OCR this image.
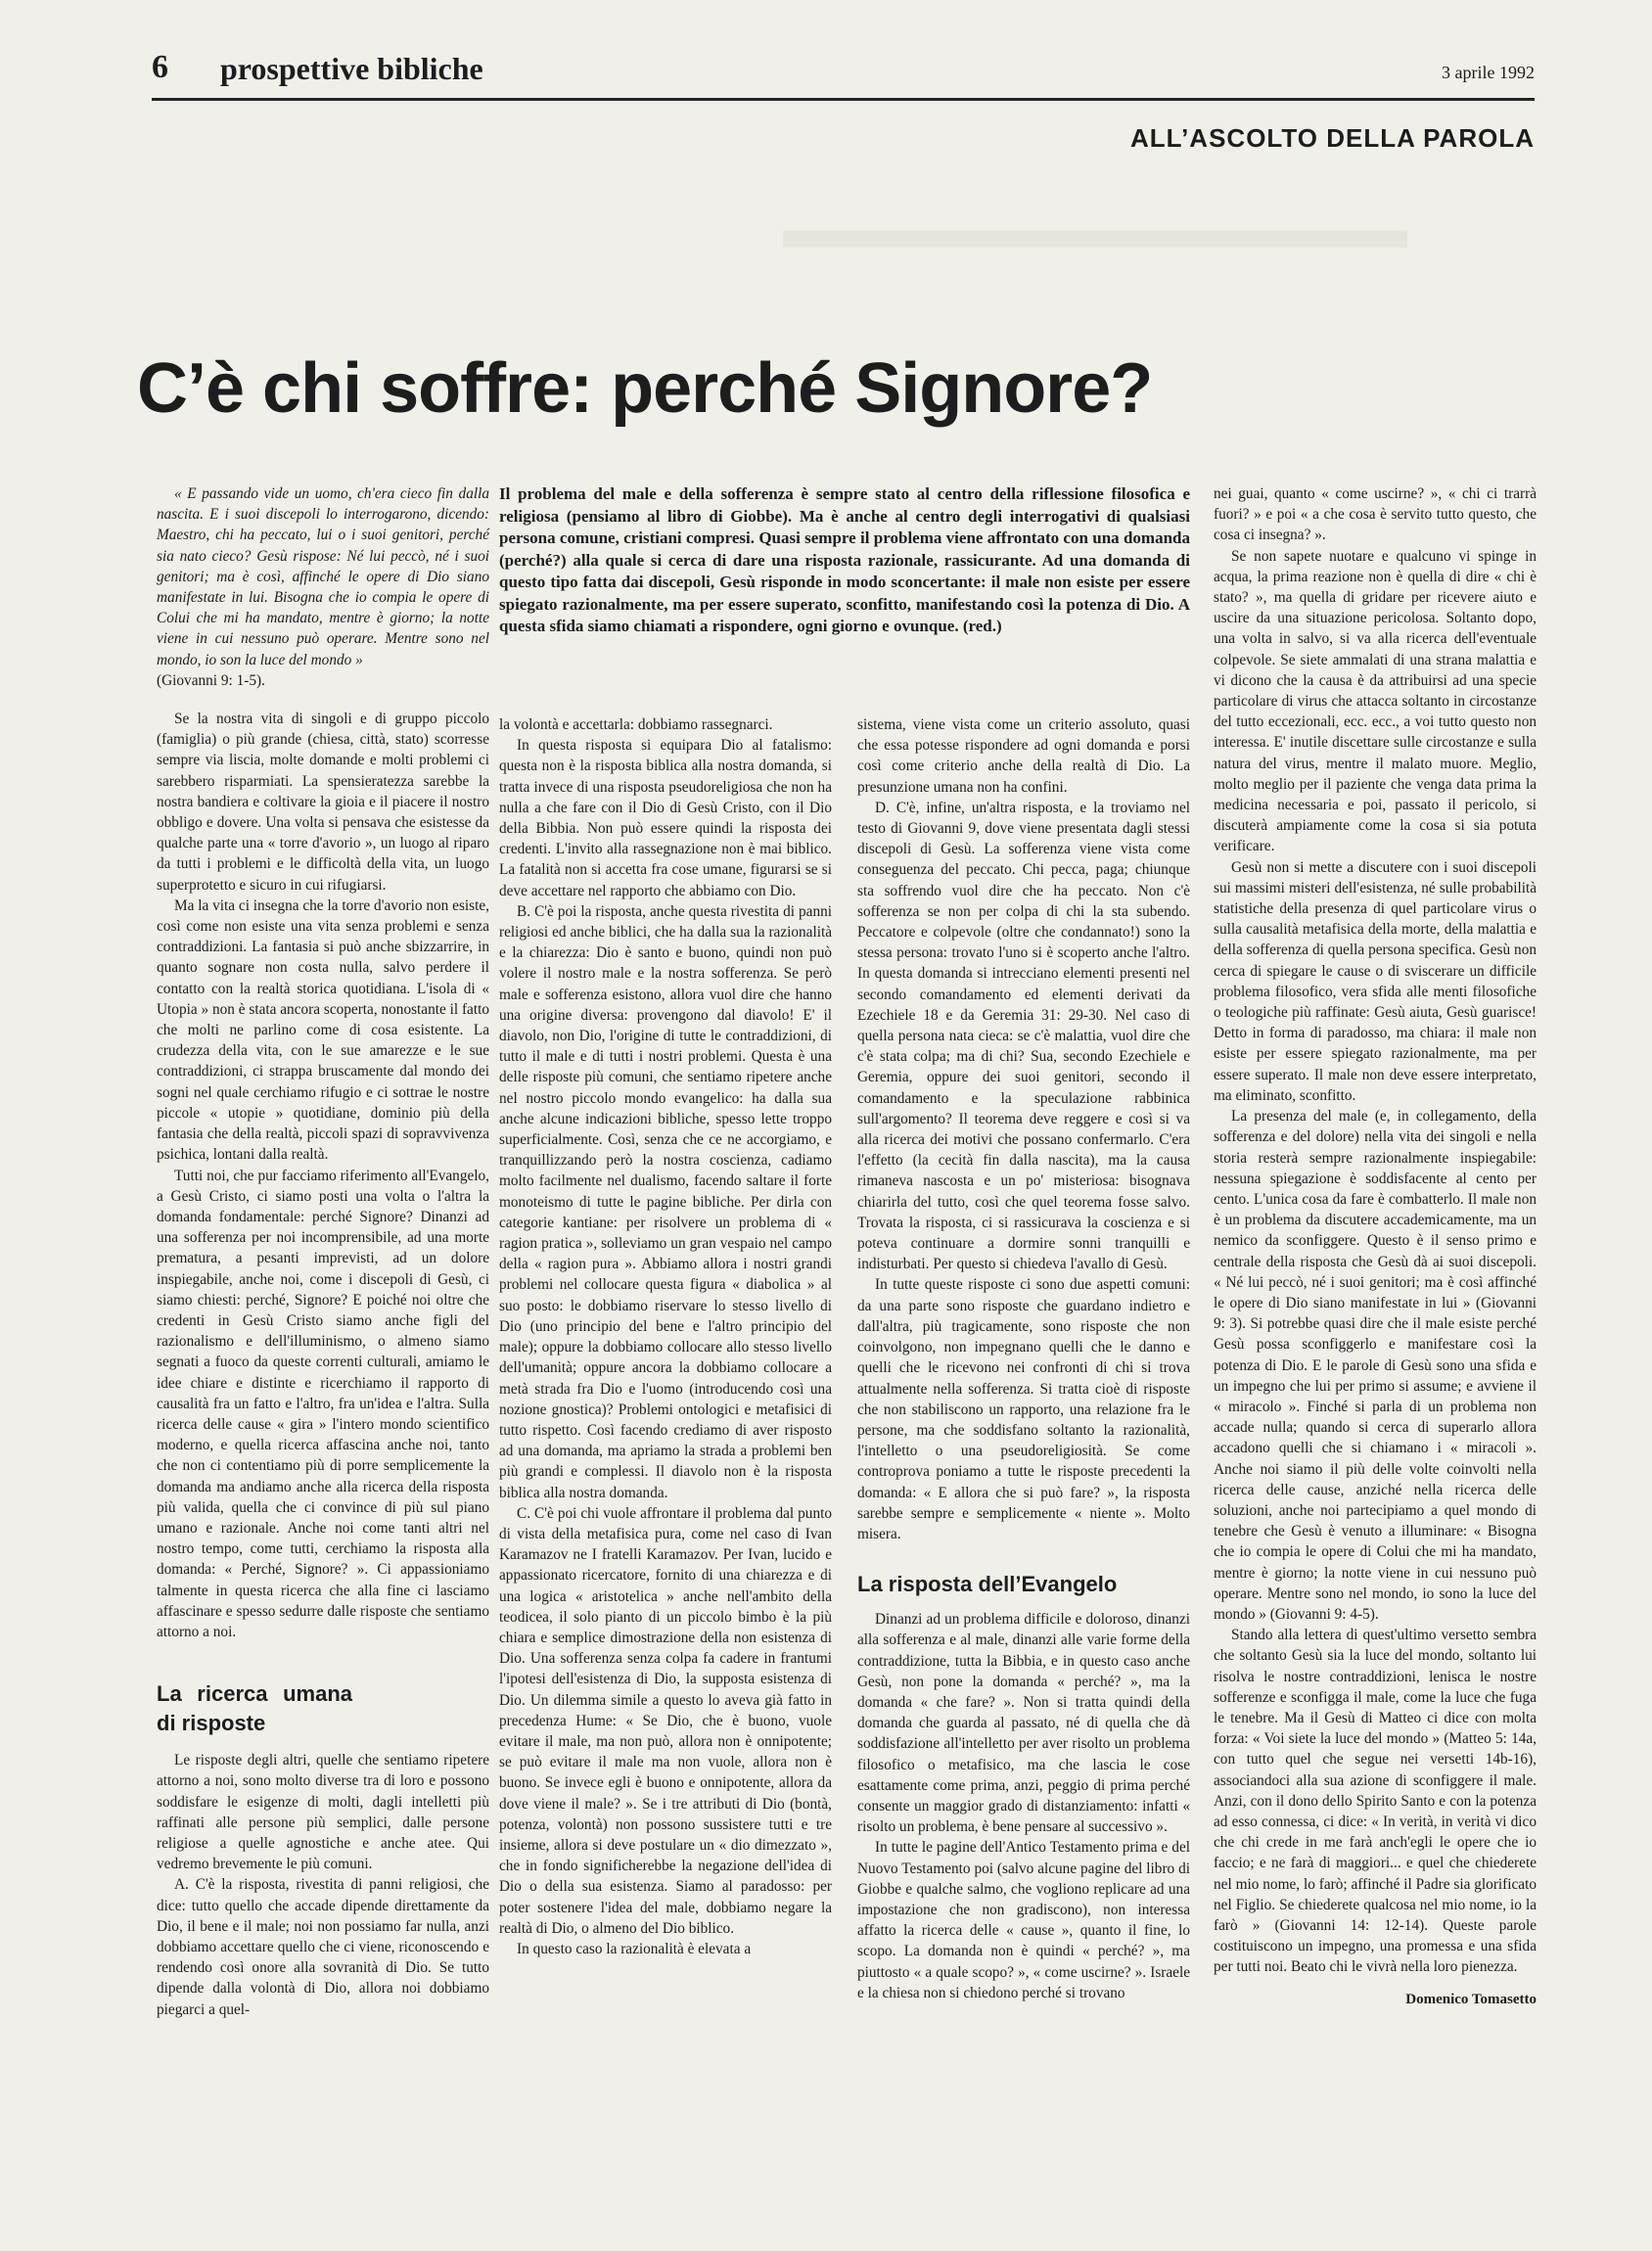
6 prospettive bibliche	3 aprile 1992
ALL’ASCOLTO DELLA PAROLA
▬▬▬▬▬▬▬▬▬▬▬
C’è chi soffre: perché Signore?

« E passando vide un uomo, ch'era cieco fin dalla nascita. E i suoi discepoli lo interrogarono, dicendo: Maestro, chi ha peccato, lui o i suoi genitori, perché sia nato cieco? Gesù rispose: Né lui peccò, né i suoi genitori; ma è così, affinché le opere di Dio siano manifestate in lui. Bisogna che io compia le opere di Colui che mi ha mandato, mentre è giorno; la notte viene in cui nessuno può operare. Mentre sono nel mondo, io son la luce del mondo »

(Giovanni 9: 1-5).

Se la nostra vita di singoli e di gruppo piccolo (famiglia) o più grande (chiesa, città, stato) scorresse sempre via liscia, molte domande e molti problemi ci sarebbero risparmiati. La spensieratezza sarebbe la nostra bandiera e coltivare la gioia e il piacere il nostro obbligo e dovere. Una volta si pensava che esistesse da qualche parte una « torre d'avorio », un luogo al riparo da tutti i problemi e le difficoltà della vita, un luogo superprotetto e sicuro in cui rifugiarsi.

Ma la vita ci insegna che la torre d'avorio non esiste, così come non esiste una vita senza problemi e senza contraddizioni. La fantasia si può anche sbizzarrire, in quanto sognare non costa nulla, salvo perdere il contatto con la realtà storica quotidiana. L'isola di « Utopia » non è stata ancora scoperta, nonostante il fatto che molti ne parlino come di cosa esistente. La crudezza della vita, con le sue amarezze e le sue contraddizioni, ci strappa bruscamente dal mondo dei sogni nel quale cerchiamo rifugio e ci sottrae le nostre piccole « utopie » quotidiane, dominio più della fantasia che della realtà, piccoli spazi di sopravvivenza psichica, lontani dalla realtà.

Tutti noi, che pur facciamo riferimento all'Evangelo, a Gesù Cristo, ci siamo posti una volta o l'altra la domanda fondamentale: perché Signore? Dinanzi ad una sofferenza per noi incomprensibile, ad una morte prematura, a pesanti imprevisti, ad un dolore inspiegabile, anche noi, come i discepoli di Gesù, ci siamo chiesti: perché, Signore? E poiché noi oltre che credenti in Gesù Cristo siamo anche figli del razionalismo e dell'illuminismo, o almeno siamo segnati a fuoco da queste correnti culturali, amiamo le idee chiare e distinte e ricerchiamo il rapporto di causalità fra un fatto e l'altro, fra un'idea e l'altra. Sulla ricerca delle cause « gira » l'intero mondo scientifico moderno, e quella ricerca affascina anche noi, tanto che non ci contentiamo più di porre semplicemente la domanda ma andiamo anche alla ricerca della risposta più valida, quella che ci convince di più sul piano umano e razionale. Anche noi come tanti altri nel nostro tempo, come tutti, cerchiamo la risposta alla domanda: « Perché, Signore? ». Ci appassioniamo talmente in questa ricerca che alla fine ci lasciamo affascinare e spesso sedurre dalle risposte che sentiamo attorno a noi.

La ricerca umana di risposte

Le risposte degli altri, quelle che sentiamo ripetere attorno a noi, sono molto diverse tra di loro e possono soddisfare le esigenze di molti, dagli intelletti più raffinati alle persone più semplici, dalle persone religiose a quelle agnostiche e anche atee. Qui vedremo brevemente le più comuni.

A. C'è la risposta, rivestita di panni religiosi, che dice: tutto quello che accade dipende direttamente da Dio, il bene e il male; noi non possiamo far nulla, anzi dobbiamo accettare quello che ci viene, riconoscendo e rendendo così onore alla sovranità di Dio. Se tutto dipende dalla volontà di Dio, allora noi dobbiamo piegarci a quel-

Il problema del male e della sofferenza è sempre stato al centro della riflessione filosofica e religiosa (pensiamo al libro di Giobbe). Ma è anche al centro degli interrogativi di qualsiasi persona comune, cristiani compresi. Quasi sempre il problema viene affrontato con una domanda (perché?) alla quale si cerca di dare una risposta razionale, rassicurante. Ad una domanda di questo tipo fatta dai discepoli, Gesù risponde in modo sconcertante: il male non esiste per essere spiegato razionalmente, ma per essere superato, sconfitto, manifestando così la potenza di Dio. A questa sfida siamo chiamati a rispondere, ogni giorno e ovunque. (red.)

la volontà e accettarla: dobbiamo rassegnarci.

In questa risposta si equipara Dio al fatalismo: questa non è la risposta biblica alla nostra domanda, si tratta invece di una risposta pseudoreligiosa che non ha nulla a che fare con il Dio di Gesù Cristo, con il Dio della Bibbia. Non può essere quindi la risposta dei credenti. L'invito alla rassegnazione non è mai biblico. La fatalità non si accetta fra cose umane, figurarsi se si deve accettare nel rapporto che abbiamo con Dio.

B. C'è poi la risposta, anche questa rivestita di panni religiosi ed anche biblici, che ha dalla sua la razionalità e la chiarezza: Dio è santo e buono, quindi non può volere il nostro male e la nostra sofferenza. Se però male e sofferenza esistono, allora vuol dire che hanno una origine diversa: provengono dal diavolo! E' il diavolo, non Dio, l'origine di tutte le contraddizioni, di tutto il male e di tutti i nostri problemi. Questa è una delle risposte più comuni, che sentiamo ripetere anche nel nostro piccolo mondo evangelico: ha dalla sua anche alcune indicazioni bibliche, spesso lette troppo superficialmente. Così, senza che ce ne accorgiamo, e tranquillizzando però la nostra coscienza, cadiamo molto facilmente nel dualismo, facendo saltare il forte monoteismo di tutte le pagine bibliche. Per dirla con categorie kantiane: per risolvere un problema di « ragion pratica », solleviamo un gran vespaio nel campo della « ragion pura ». Abbiamo allora i nostri grandi problemi nel collocare questa figura « diabolica » al suo posto: le dobbiamo riservare lo stesso livello di Dio (uno principio del bene e l'altro principio del male); oppure la dobbiamo collocare allo stesso livello dell'umanità; oppure ancora la dobbiamo collocare a metà strada fra Dio e l'uomo (introducendo così una nozione gnostica)? Problemi ontologici e metafisici di tutto rispetto. Così facendo crediamo di aver risposto ad una domanda, ma apriamo la strada a problemi ben più grandi e complessi. Il diavolo non è la risposta biblica alla nostra domanda.

C. C'è poi chi vuole affrontare il problema dal punto di vista della metafisica pura, come nel caso di Ivan Karamazov ne I fratelli Karamazov. Per Ivan, lucido e appassionato ricercatore, fornito di una chiarezza e di una logica « aristotelica » anche nell'ambito della teodicea, il solo pianto di un piccolo bimbo è la più chiara e semplice dimostrazione della non esistenza di Dio. Una sofferenza senza colpa fa cadere in frantumi l'ipotesi dell'esistenza di Dio, la supposta esistenza di Dio. Un dilemma simile a questo lo aveva già fatto in precedenza Hume: « Se Dio, che è buono, vuole evitare il male, ma non può, allora non è onnipotente; se può evitare il male ma non vuole, allora non è buono. Se invece egli è buono e onnipotente, allora da dove viene il male? ». Se i tre attributi di Dio (bontà, potenza, volontà) non possono sussistere tutti e tre insieme, allora si deve postulare un « dio dimezzato », che in fondo significherebbe la negazione dell'idea di Dio o della sua esistenza. Siamo al paradosso: per poter sostenere l'idea del male, dobbiamo negare la realtà di Dio, o almeno del Dio biblico.

In questo caso la razionalità è elevata a

sistema, viene vista come un criterio assoluto, quasi che essa potesse rispondere ad ogni domanda e porsi così come criterio anche della realtà di Dio. La presunzione umana non ha confini.

D. C'è, infine, un'altra risposta, e la troviamo nel testo di Giovanni 9, dove viene presentata dagli stessi discepoli di Gesù. La sofferenza viene vista come conseguenza del peccato. Chi pecca, paga; chiunque sta soffrendo vuol dire che ha peccato. Non c'è sofferenza se non per colpa di chi la sta subendo. Peccatore e colpevole (oltre che condannato!) sono la stessa persona: trovato l'uno si è scoperto anche l'altro. In questa domanda si intrecciano elementi presenti nel secondo comandamento ed elementi derivati da Ezechiele 18 e da Geremia 31: 29-30. Nel caso di quella persona nata cieca: se c'è malattia, vuol dire che c'è stata colpa; ma di chi? Sua, secondo Ezechiele e Geremia, oppure dei suoi genitori, secondo il comandamento e la speculazione rabbinica sull'argomento? Il teorema deve reggere e così si va alla ricerca dei motivi che possano confermarlo. C'era l'effetto (la cecità fin dalla nascita), ma la causa rimaneva nascosta e un po' misteriosa: bisognava chiarirla del tutto, così che quel teorema fosse salvo. Trovata la risposta, ci si rassicurava la coscienza e si poteva continuare a dormire sonni tranquilli e indisturbati. Per questo si chiedeva l'avallo di Gesù.

In tutte queste risposte ci sono due aspetti comuni: da una parte sono risposte che guardano indietro e dall'altra, più tragicamente, sono risposte che non coinvolgono, non impegnano quelli che le danno e quelli che le ricevono nei confronti di chi si trova attualmente nella sofferenza. Si tratta cioè di risposte che non stabiliscono un rapporto, una relazione fra le persone, ma che soddisfano soltanto la razionalità, l'intelletto o una pseudoreligiosità. Se come controprova poniamo a tutte le risposte precedenti la domanda: « E allora che si può fare? », la risposta sarebbe sempre e semplicemente « niente ». Molto misera.

La risposta dell’Evangelo

Dinanzi ad un problema difficile e doloroso, dinanzi alla sofferenza e al male, dinanzi alle varie forme della contraddizione, tutta la Bibbia, e in questo caso anche Gesù, non pone la domanda « perché? », ma la domanda « che fare? ». Non si tratta quindi della domanda che guarda al passato, né di quella che dà soddisfazione all'intelletto per aver risolto un problema filosofico o metafisico, ma che lascia le cose esattamente come prima, anzi, peggio di prima perché consente un maggior grado di distanziamento: infatti « risolto un problema, è bene pensare al successivo ».

In tutte le pagine dell'Antico Testamento prima e del Nuovo Testamento poi (salvo alcune pagine del libro di Giobbe e qualche salmo, che vogliono replicare ad una impostazione che non gradiscono), non interessa affatto la ricerca delle « cause », quanto il fine, lo scopo. La domanda non è quindi « perché? », ma piuttosto « a quale scopo? », « come uscirne? ». Israele e la chiesa non si chiedono perché si trovano

nei guai, quanto « come uscirne? », « chi ci trarrà fuori? » e poi « a che cosa è servito tutto questo, che cosa ci insegna? ».

Se non sapete nuotare e qualcuno vi spinge in acqua, la prima reazione non è quella di dire « chi è stato? », ma quella di gridare per ricevere aiuto e uscire da una situazione pericolosa. Soltanto dopo, una volta in salvo, si va alla ricerca dell'eventuale colpevole. Se siete ammalati di una strana malattia e vi dicono che la causa è da attribuirsi ad una specie particolare di virus che attacca soltanto in circostanze del tutto eccezionali, ecc. ecc., a voi tutto questo non interessa. E' inutile discettare sulle circostanze e sulla natura del virus, mentre il malato muore. Meglio, molto meglio per il paziente che venga data prima la medicina necessaria e poi, passato il pericolo, si discuterà ampiamente come la cosa si sia potuta verificare.

Gesù non si mette a discutere con i suoi discepoli sui massimi misteri dell'esistenza, né sulle probabilità statistiche della presenza di quel particolare virus o sulla causalità metafisica della morte, della malattia e della sofferenza di quella persona specifica. Gesù non cerca di spiegare le cause o di sviscerare un difficile problema filosofico, vera sfida alle menti filosofiche o teologiche più raffinate: Gesù aiuta, Gesù guarisce! Detto in forma di paradosso, ma chiara: il male non esiste per essere spiegato razionalmente, ma per essere superato. Il male non deve essere interpretato, ma eliminato, sconfitto.

La presenza del male (e, in collegamento, della sofferenza e del dolore) nella vita dei singoli e nella storia resterà sempre razionalmente inspiegabile: nessuna spiegazione è soddisfacente al cento per cento. L'unica cosa da fare è combatterlo. Il male non è un problema da discutere accademicamente, ma un nemico da sconfiggere. Questo è il senso primo e centrale della risposta che Gesù dà ai suoi discepoli. « Né lui peccò, né i suoi genitori; ma è così affinché le opere di Dio siano manifestate in lui » (Giovanni 9: 3). Si potrebbe quasi dire che il male esiste perché Gesù possa sconfiggerlo e manifestare così la potenza di Dio. E le parole di Gesù sono una sfida e un impegno che lui per primo si assume; e avviene il « miracolo ». Finché si parla di un problema non accade nulla; quando si cerca di superarlo allora accadono quelli che si chiamano i « miracoli ». Anche noi siamo il più delle volte coinvolti nella ricerca delle cause, anziché nella ricerca delle soluzioni, anche noi partecipiamo a quel mondo di tenebre che Gesù è venuto a illuminare: « Bisogna che io compia le opere di Colui che mi ha mandato, mentre è giorno; la notte viene in cui nessuno può operare. Mentre sono nel mondo, io sono la luce del mondo » (Giovanni 9: 4-5).

Stando alla lettera di quest'ultimo versetto sembra che soltanto Gesù sia la luce del mondo, soltanto lui risolva le nostre contraddizioni, lenisca le nostre sofferenze e sconfigga il male, come la luce che fuga le tenebre. Ma il Gesù di Matteo ci dice con molta forza: « Voi siete la luce del mondo » (Matteo 5: 14a, con tutto quel che segue nei versetti 14b-16), associandoci alla sua azione di sconfiggere il male. Anzi, con il dono dello Spirito Santo e con la potenza ad esso connessa, ci dice: « In verità, in verità vi dico che chi crede in me farà anch'egli le opere che io faccio; e ne farà di maggiori... e quel che chiederete nel mio nome, lo farò; affinché il Padre sia glorificato nel Figlio. Se chiederete qualcosa nel mio nome, io la farò » (Giovanni 14: 12-14). Queste parole costituiscono un impegno, una promessa e una sfida per tutti noi. Beato chi le vivrà nella loro pienezza.

Domenico Tomasetto
